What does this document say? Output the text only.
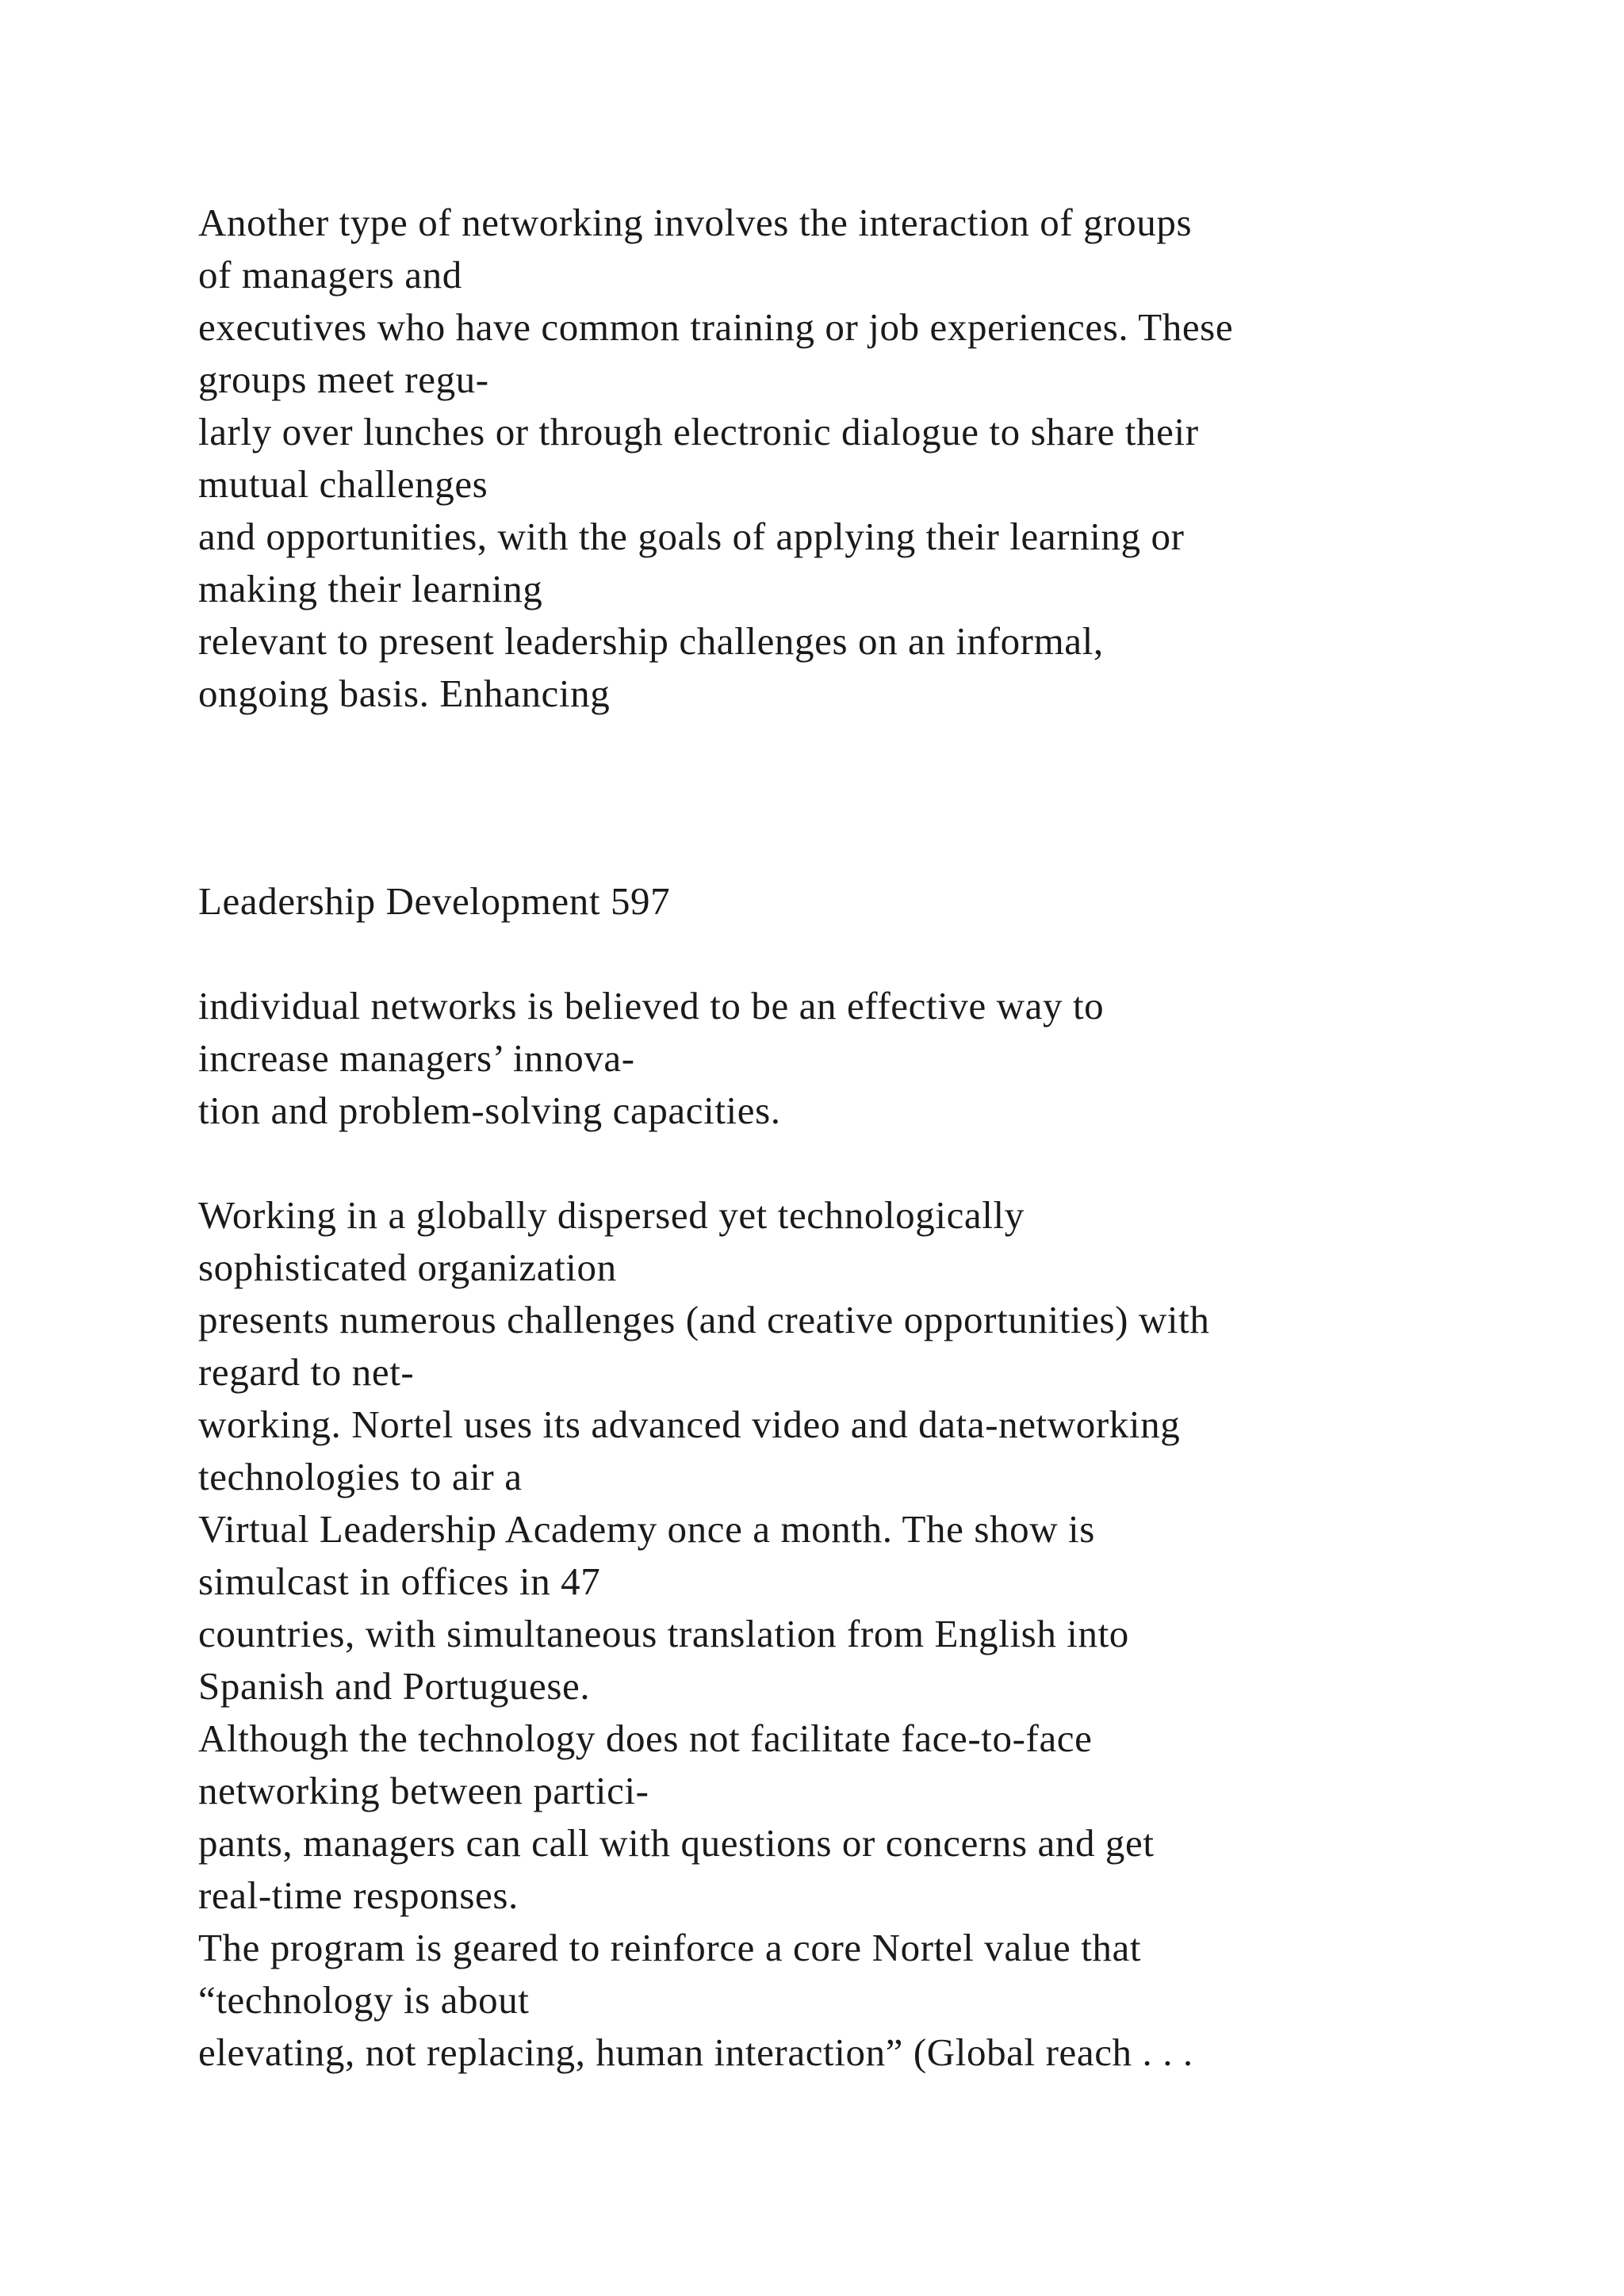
Another type of networking involves the interaction of groups
of managers and
executives who have common training or job experiences. These
groups meet regu-
larly over lunches or through electronic dialogue to share their
mutual challenges
and opportunities, with the goals of applying their learning or
making their learning
relevant to present leadership challenges on an informal,
ongoing basis. Enhancing
Leadership Development 597
individual networks is believed to be an effective way to
increase managers’ innova-
tion and problem-solving capacities.
Working in a globally dispersed yet technologically
sophisticated organization
presents numerous challenges (and creative opportunities) with
regard to net-
working. Nortel uses its advanced video and data-networking
technologies to air a
Virtual Leadership Academy once a month. The show is
simulcast in offices in 47
countries, with simultaneous translation from English into
Spanish and Portuguese.
Although the technology does not facilitate face-to-face
networking between partici-
pants, managers can call with questions or concerns and get
real-time responses.
The program is geared to reinforce a core Nortel value that
“technology is about
elevating, not replacing, human interaction” (Global reach . . .
